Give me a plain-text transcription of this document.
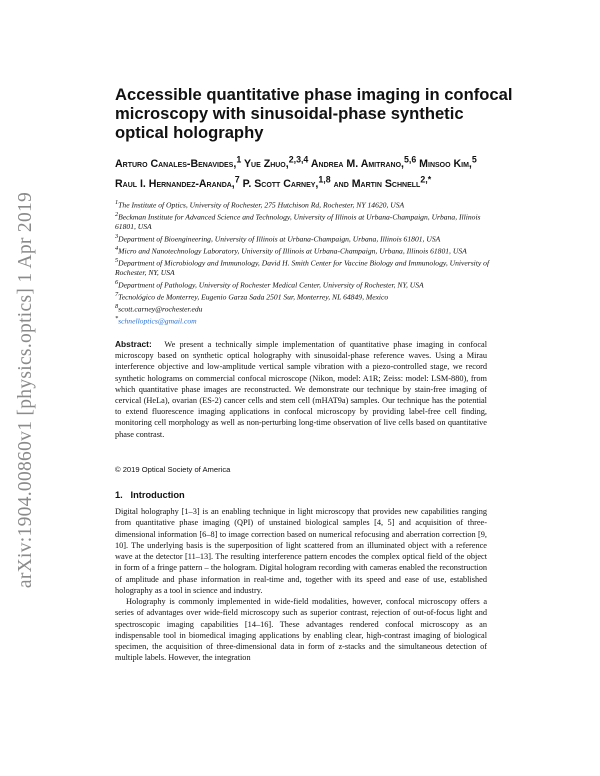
arXiv:1904.00860v1 [physics.optics] 1 Apr 2019
Accessible quantitative phase imaging in confocal microscopy with sinusoidal-phase synthetic optical holography

Arturo Canales-Benavides,$^1$ Yue Zhuo,$^{2,3,4}$ Andrea M. Amitrano,$^{5,6}$ Minsoo Kim,$^5$ Raul I. Hernandez-Aranda,$^7$ P. Scott Carney,$^{1,8}$ and Martin Schnell$^{2,*}$

$^1$The Institute of Optics, University of Rochester, 275 Hutchison Rd, Rochester, NY 14620, USA

$^2$Beckman Institute for Advanced Science and Technology, University of Illinois at Urbana-Champaign, Urbana, Illinois 61801, USA

$^3$Department of Bioengineering, University of Illinois at Urbana-Champaign, Urbana, Illinois 61801, USA

$^4$Micro and Nanotechnology Laboratory, University of Illinois at Urbana-Champaign, Urbana, Illinois 61801, USA

$^5$Department of Microbiology and Immunology, David H. Smith Center for Vaccine Biology and Immunology, University of Rochester, NY, USA

$^6$Department of Pathology, University of Rochester Medical Center, University of Rochester, NY, USA

$^7$Tecnológico de Monterrey, Eugenio Garza Sada 2501 Sur, Monterrey, NL 64849, Mexico

$^8$scott.carney@rochester.edu

*schnelloptics@gmail.com

Abstract: We present a technically simple implementation of quantitative phase imaging in confocal microscopy based on synthetic optical holography with sinusoidal-phase reference waves. Using a Mirau interference objective and low-amplitude vertical sample vibration with a piezo-controlled stage, we record synthetic holograms on commercial confocal microscope (Nikon, model: A1R; Zeiss: model: LSM-880), from which quantitative phase images are reconstructed. We demonstrate our technique by stain-free imaging of cervical (HeLa), ovarian (ES-2) cancer cells and stem cell (mHAT9a) samples. Our technique has the potential to extend fluorescence imaging applications in confocal microscopy by providing label-free cell finding, monitoring cell morphology as well as non-perturbing long-time observation of live cells based on quantitative phase contrast.

© 2019 Optical Society of America

1. Introduction

Digital holography [1–3] is an enabling technique in light microscopy that provides new capabilities ranging from quantitative phase imaging (QPI) of unstained biological samples [4, 5] and acquisition of three-dimensional information [6–8] to image correction based on numerical refocusing and aberration correction [9, 10]. The underlying basis is the superposition of light scattered from an illuminated object with a reference wave at the detector [11–13]. The resulting interference pattern encodes the complex optical field of the object in form of a fringe pattern – the hologram. Digital hologram recording with cameras enabled the reconstruction of amplitude and phase information in real-time and, together with its speed and ease of use, established holography as a tool in science and industry.

Holography is commonly implemented in wide-field modalities, however, confocal microscopy offers a series of advantages over wide-field microscopy such as superior contrast, rejection of out-of-focus light and spectroscopic imaging capabilities [14–16]. These advantages rendered confocal microscopy as an indispensable tool in biomedical imaging applications by enabling clear, high-contrast imaging of biological specimen, the acquisition of three-dimensional data in form of z-stacks and the simultaneous detection of multiple labels. However, the integration
